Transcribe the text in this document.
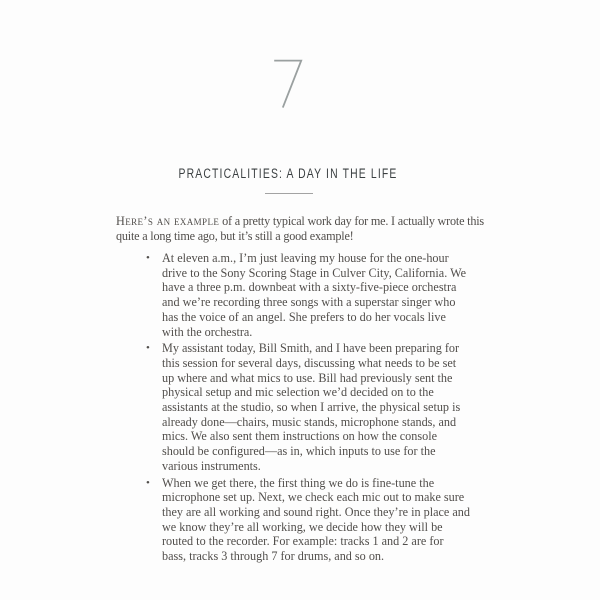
PRACTICALITIES: A DAY IN THE LIFE

Here’s an example of a pretty typical work day for me. I actually wrote this quite a long time ago, but it’s still a good example!

• At eleven a.m., I’m just leaving my house for the one-hour drive to the Sony Scoring Stage in Culver City, California. We have a three p.m. downbeat with a sixty-five-piece orchestra and we’re recording three songs with a superstar singer who has the voice of an angel. She prefers to do her vocals live with the orchestra.
• My assistant today, Bill Smith, and I have been preparing for this session for several days, discussing what needs to be set up where and what mics to use. Bill had previously sent the physical setup and mic selection we’d decided on to the assistants at the studio, so when I arrive, the physical setup is already done—chairs, music stands, microphone stands, and mics. We also sent them instructions on how the console should be configured—as in, which inputs to use for the various instruments.
• When we get there, the first thing we do is fine-tune the microphone set up. Next, we check each mic out to make sure they are all working and sound right. Once they’re in place and we know they’re all working, we decide how they will be routed to the recorder. For example: tracks 1 and 2 are for bass, tracks 3 through 7 for drums, and so on.
